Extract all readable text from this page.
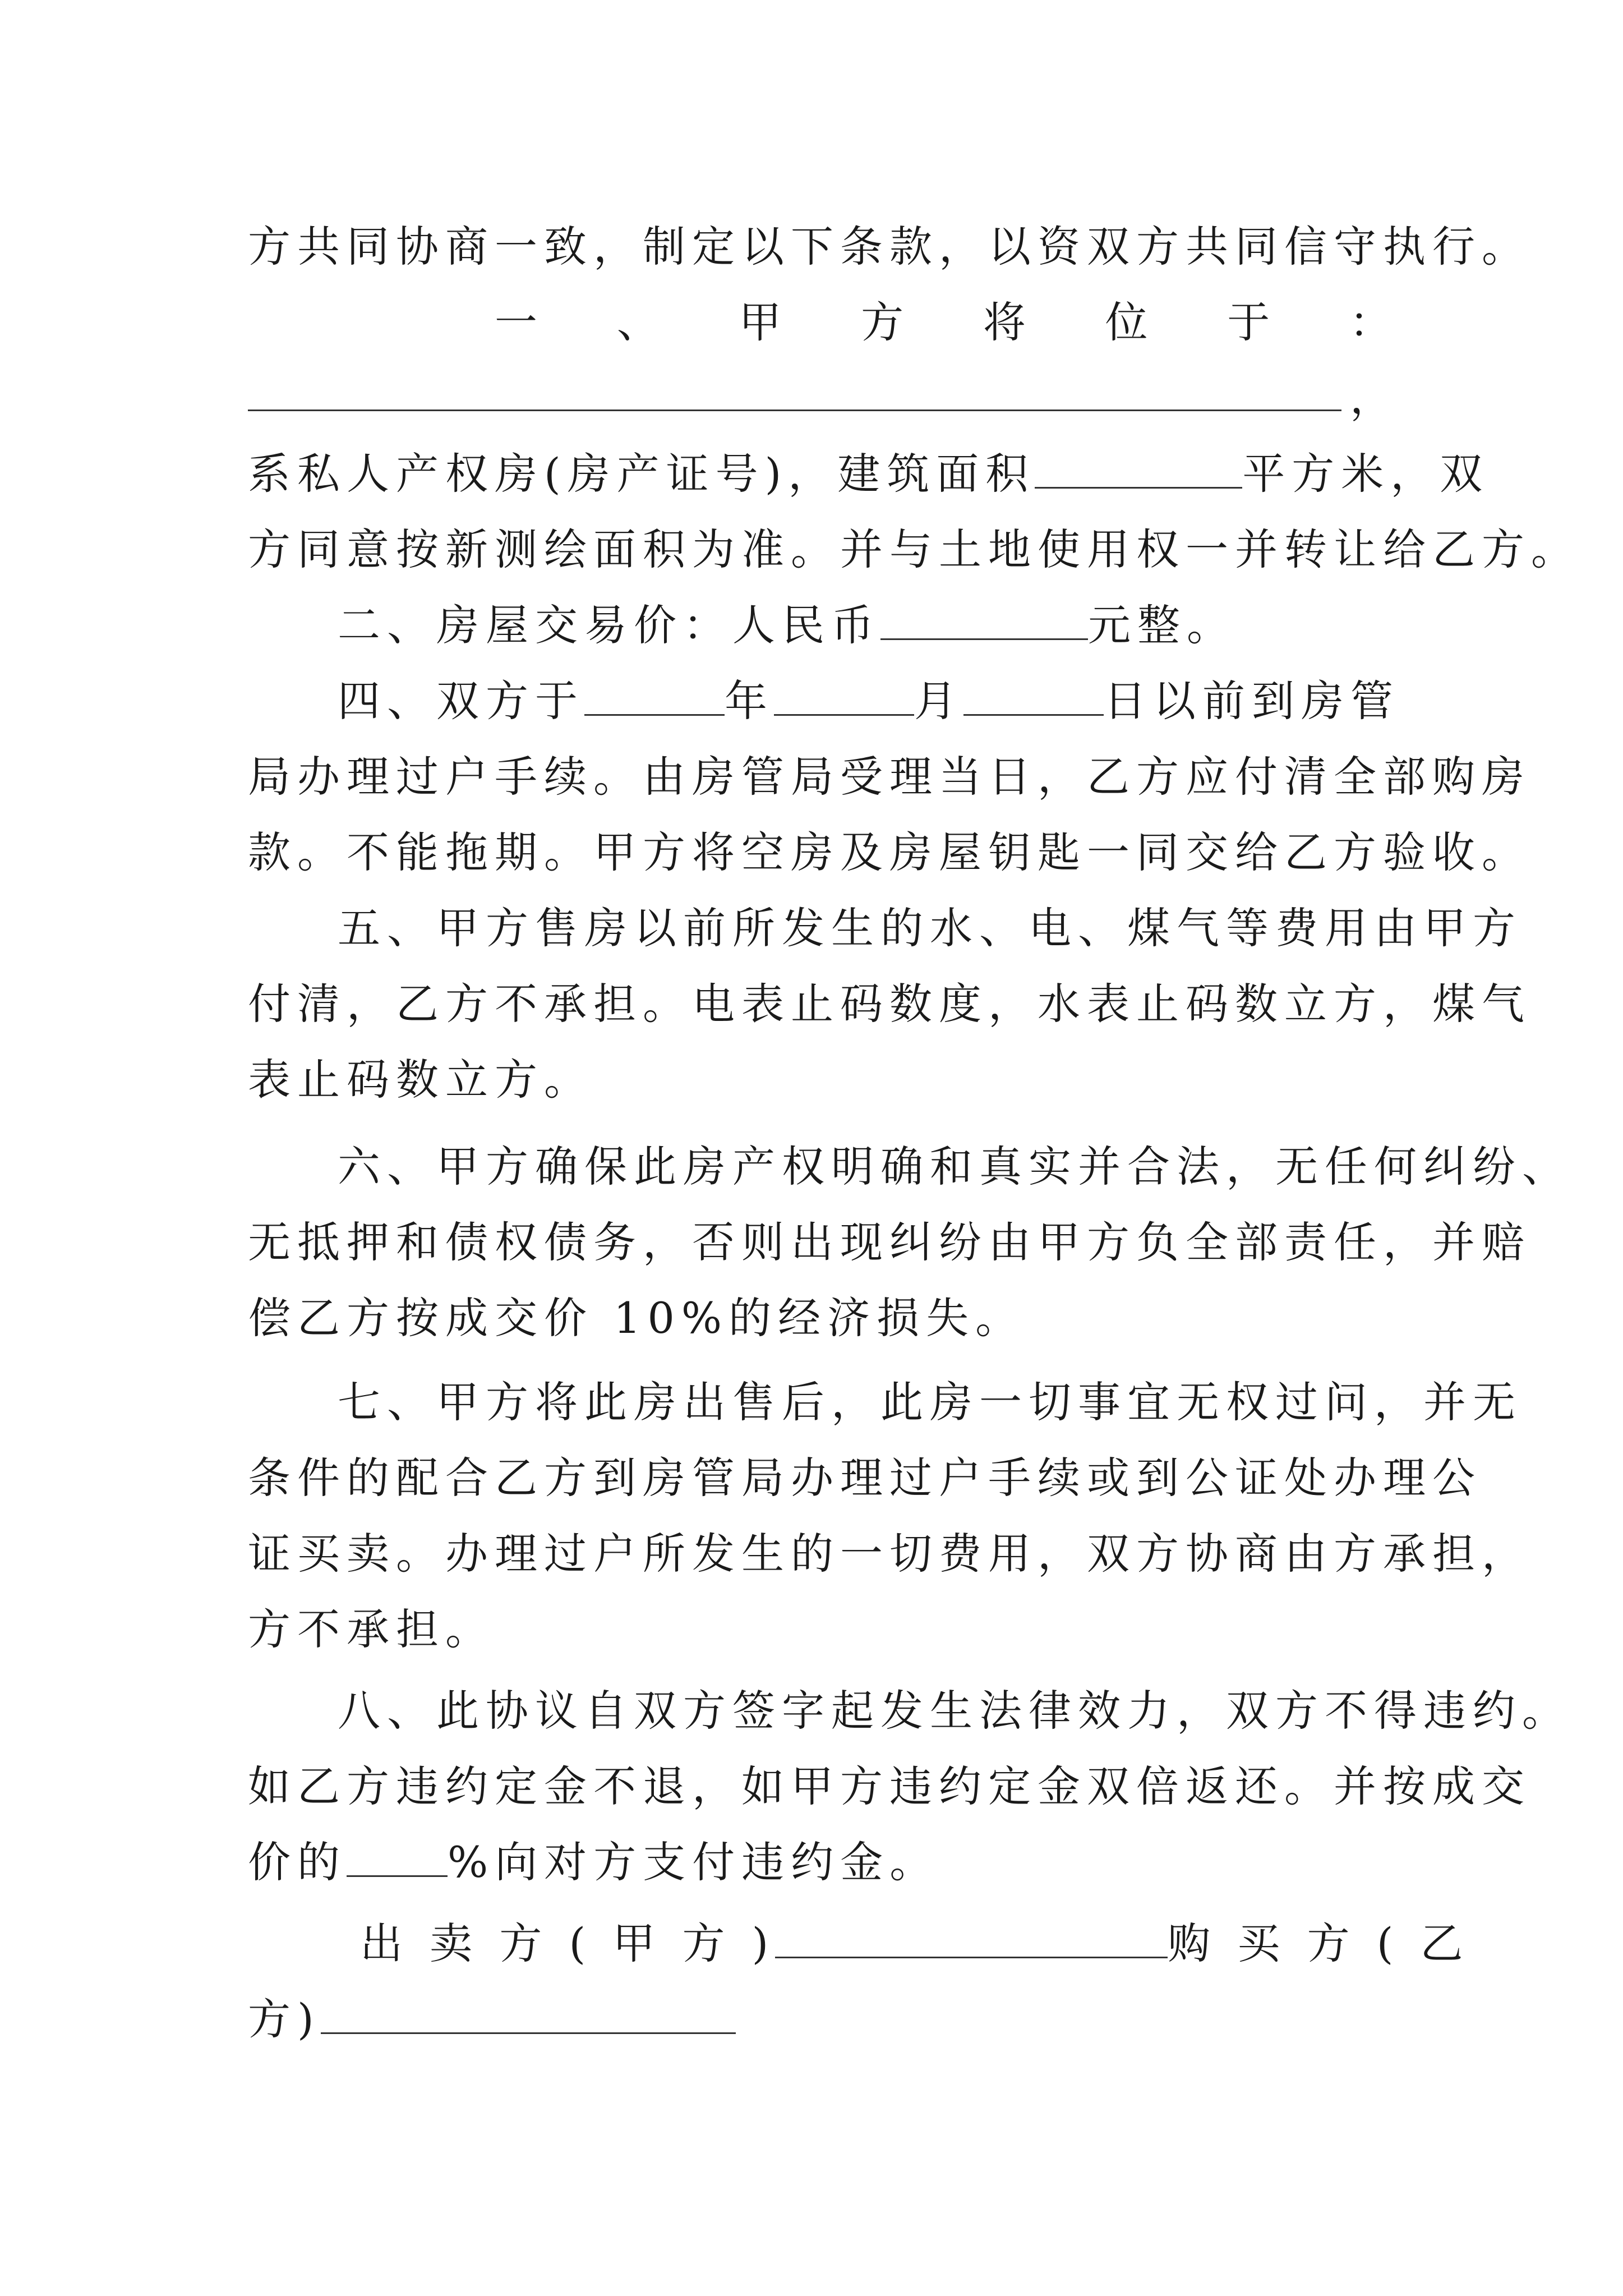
方共同协商一致，制定以下条款，以资双方共同信守执行。
一 、 甲 方 将 位 于 ：
，
系私人产权房(房产证号)，建筑面积	平方米，双
方同意按新测绘面积为准。并与土地使用权一并转让给乙方。
二、房屋交易价：人民币	元整。
四、双方于	年	月	日以前到房管
局办理过户手续。由房管局受理当日，乙方应付清全部购房
款。不能拖期。甲方将空房及房屋钥匙一同交给乙方验收。
五、甲方售房以前所发生的水、电、煤气等费用由甲方
付清，乙方不承担。电表止码数度，水表止码数立方，煤气
表止码数立方。
六、甲方确保此房产权明确和真实并合法，无任何纠纷、
无抵押和债权债务，否则出现纠纷由甲方负全部责任，并赔
偿乙方按成交价 10%的经济损失。
七、甲方将此房出售后，此房一切事宜无权过问，并无
条件的配合乙方到房管局办理过户手续或到公证处办理公
证买卖。办理过户所发生的一切费用，双方协商由方承担，
方不承担。
八、此协议自双方签字起发生法律效力，双方不得违约。
如乙方违约定金不退，如甲方违约定金双倍返还。并按成交
价的 %向对方支付违约金。
出 卖 方 ( 甲 方 )	购 买 方 ( 乙
方)
